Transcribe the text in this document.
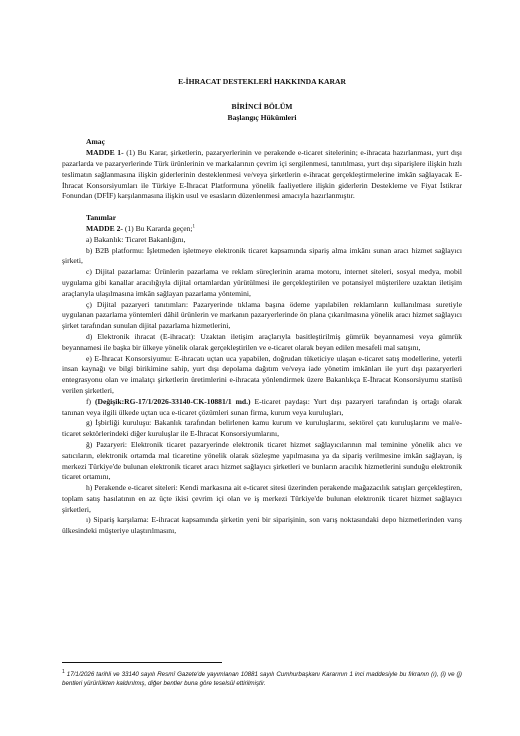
E-İHRACAT DESTEKLERİ HAKKINDA KARAR
BİRİNCİ BÖLÜM
Başlangıç Hükümleri
Amaç

MADDE 1- (1) Bu Karar, şirketlerin, pazaryerlerinin ve perakende e-ticaret sitelerinin; e-ihracata hazırlanması, yurt dışı pazarlarda ve pazaryerlerinde Türk ürünlerinin ve markalarının çevrim içi sergilenmesi, tanıtılması, yurt dışı siparişlere ilişkin hızlı teslimatın sağlanmasına ilişkin giderlerinin desteklenmesi ve/veya şirketlerin e-ihracat gerçekleştirmelerine imkân sağlayacak E-İhracat Konsorsiyumları ile Türkiye E-İhracat Platformuna yönelik faaliyetlere ilişkin giderlerin Destekleme ve Fiyat İstikrar Fonundan (DFİF) karşılanmasına ilişkin usul ve esasların düzenlenmesi amacıyla hazırlanmıştır.

Tanımlar

MADDE 2- (1) Bu Kararda geçen;$^1$

a) Bakanlık: Ticaret Bakanlığını,

b) B2B platformu: İşletmeden işletmeye elektronik ticaret kapsamında sipariş alma imkânı sunan aracı hizmet sağlayıcı şirketi,

c) Dijital pazarlama: Ürünlerin pazarlama ve reklam süreçlerinin arama motoru, internet siteleri, sosyal medya, mobil uygulama gibi kanallar aracılığıyla dijital ortamlardan yürütülmesi ile gerçekleştirilen ve potansiyel müşterilere uzaktan iletişim araçlarıyla ulaşılmasına imkân sağlayan pazarlama yöntemini,

ç) Dijital pazaryeri tanıtımları: Pazaryerinde tıklama başına ödeme yapılabilen reklamların kullanılması suretiyle uygulanan pazarlama yöntemleri dâhil ürünlerin ve markanın pazaryerlerinde ön plana çıkarılmasına yönelik aracı hizmet sağlayıcı şirket tarafından sunulan dijital pazarlama hizmetlerini,

d) Elektronik ihracat (E-ihracat): Uzaktan iletişim araçlarıyla basitleştirilmiş gümrük beyannamesi veya gümrük beyannamesi ile başka bir ülkeye yönelik olarak gerçekleştirilen ve e-ticaret olarak beyan edilen mesafeli mal satışını,

e) E-İhracat Konsorsiyumu: E-ihracatı uçtan uca yapabilen, doğrudan tüketiciye ulaşan e-ticaret satış modellerine, yeterli insan kaynağı ve bilgi birikimine sahip, yurt dışı depolama dağıtım ve/veya iade yönetim imkânları ile yurt dışı pazaryerleri entegrasyonu olan ve imalatçı şirketlerin üretimlerini e-ihracata yönlendirmek üzere Bakanlıkça E-İhracat Konsorsiyumu statüsü verilen şirketleri,

f) (Değişik:RG-17/1/2026-33140-CK-10881/1 md.) E-ticaret paydaşı: Yurt dışı pazaryeri tarafından iş ortağı olarak tanınan veya ilgili ülkede uçtan uca e-ticaret çözümleri sunan firma, kurum veya kuruluşları,

g) İşbirliği kuruluşu: Bakanlık tarafından belirlenen kamu kurum ve kuruluşlarını, sektörel çatı kuruluşlarını ve mal/e-ticaret sektörlerindeki diğer kuruluşlar ile E-İhracat Konsorsiyumlarını,

ğ) Pazaryeri: Elektronik ticaret pazaryerinde elektronik ticaret hizmet sağlayıcılarının mal teminine yönelik alıcı ve satıcıların, elektronik ortamda mal ticaretine yönelik olarak sözleşme yapılmasına ya da sipariş verilmesine imkân sağlayan, iş merkezi Türkiye'de bulunan elektronik ticaret aracı hizmet sağlayıcı şirketleri ve bunların aracılık hizmetlerini sunduğu elektronik ticaret ortamını,

h) Perakende e-ticaret siteleri: Kendi markasına ait e-ticaret sitesi üzerinden perakende mağazacılık satışları gerçekleştiren, toplam satış hasılatının en az üçte ikisi çevrim içi olan ve iş merkezi Türkiye'de bulunan elektronik ticaret hizmet sağlayıcı şirketleri,

ı) Sipariş karşılama: E-ihracat kapsamında şirketin yeni bir siparişinin, son varış noktasındaki depo hizmetlerinden varış ülkesindeki müşteriye ulaştırılmasını,

$^1$ 17/1/2026 tarihli ve 33140 sayılı Resmî Gazete'de yayımlanan 10881 sayılı Cumhurbaşkanı Kararının 1 inci maddesiyle bu fıkranın (ı), (i) ve (j) bentleri yürürlükten kaldırılmış, diğer bentler buna göre teselsül ettirilmiştir.
